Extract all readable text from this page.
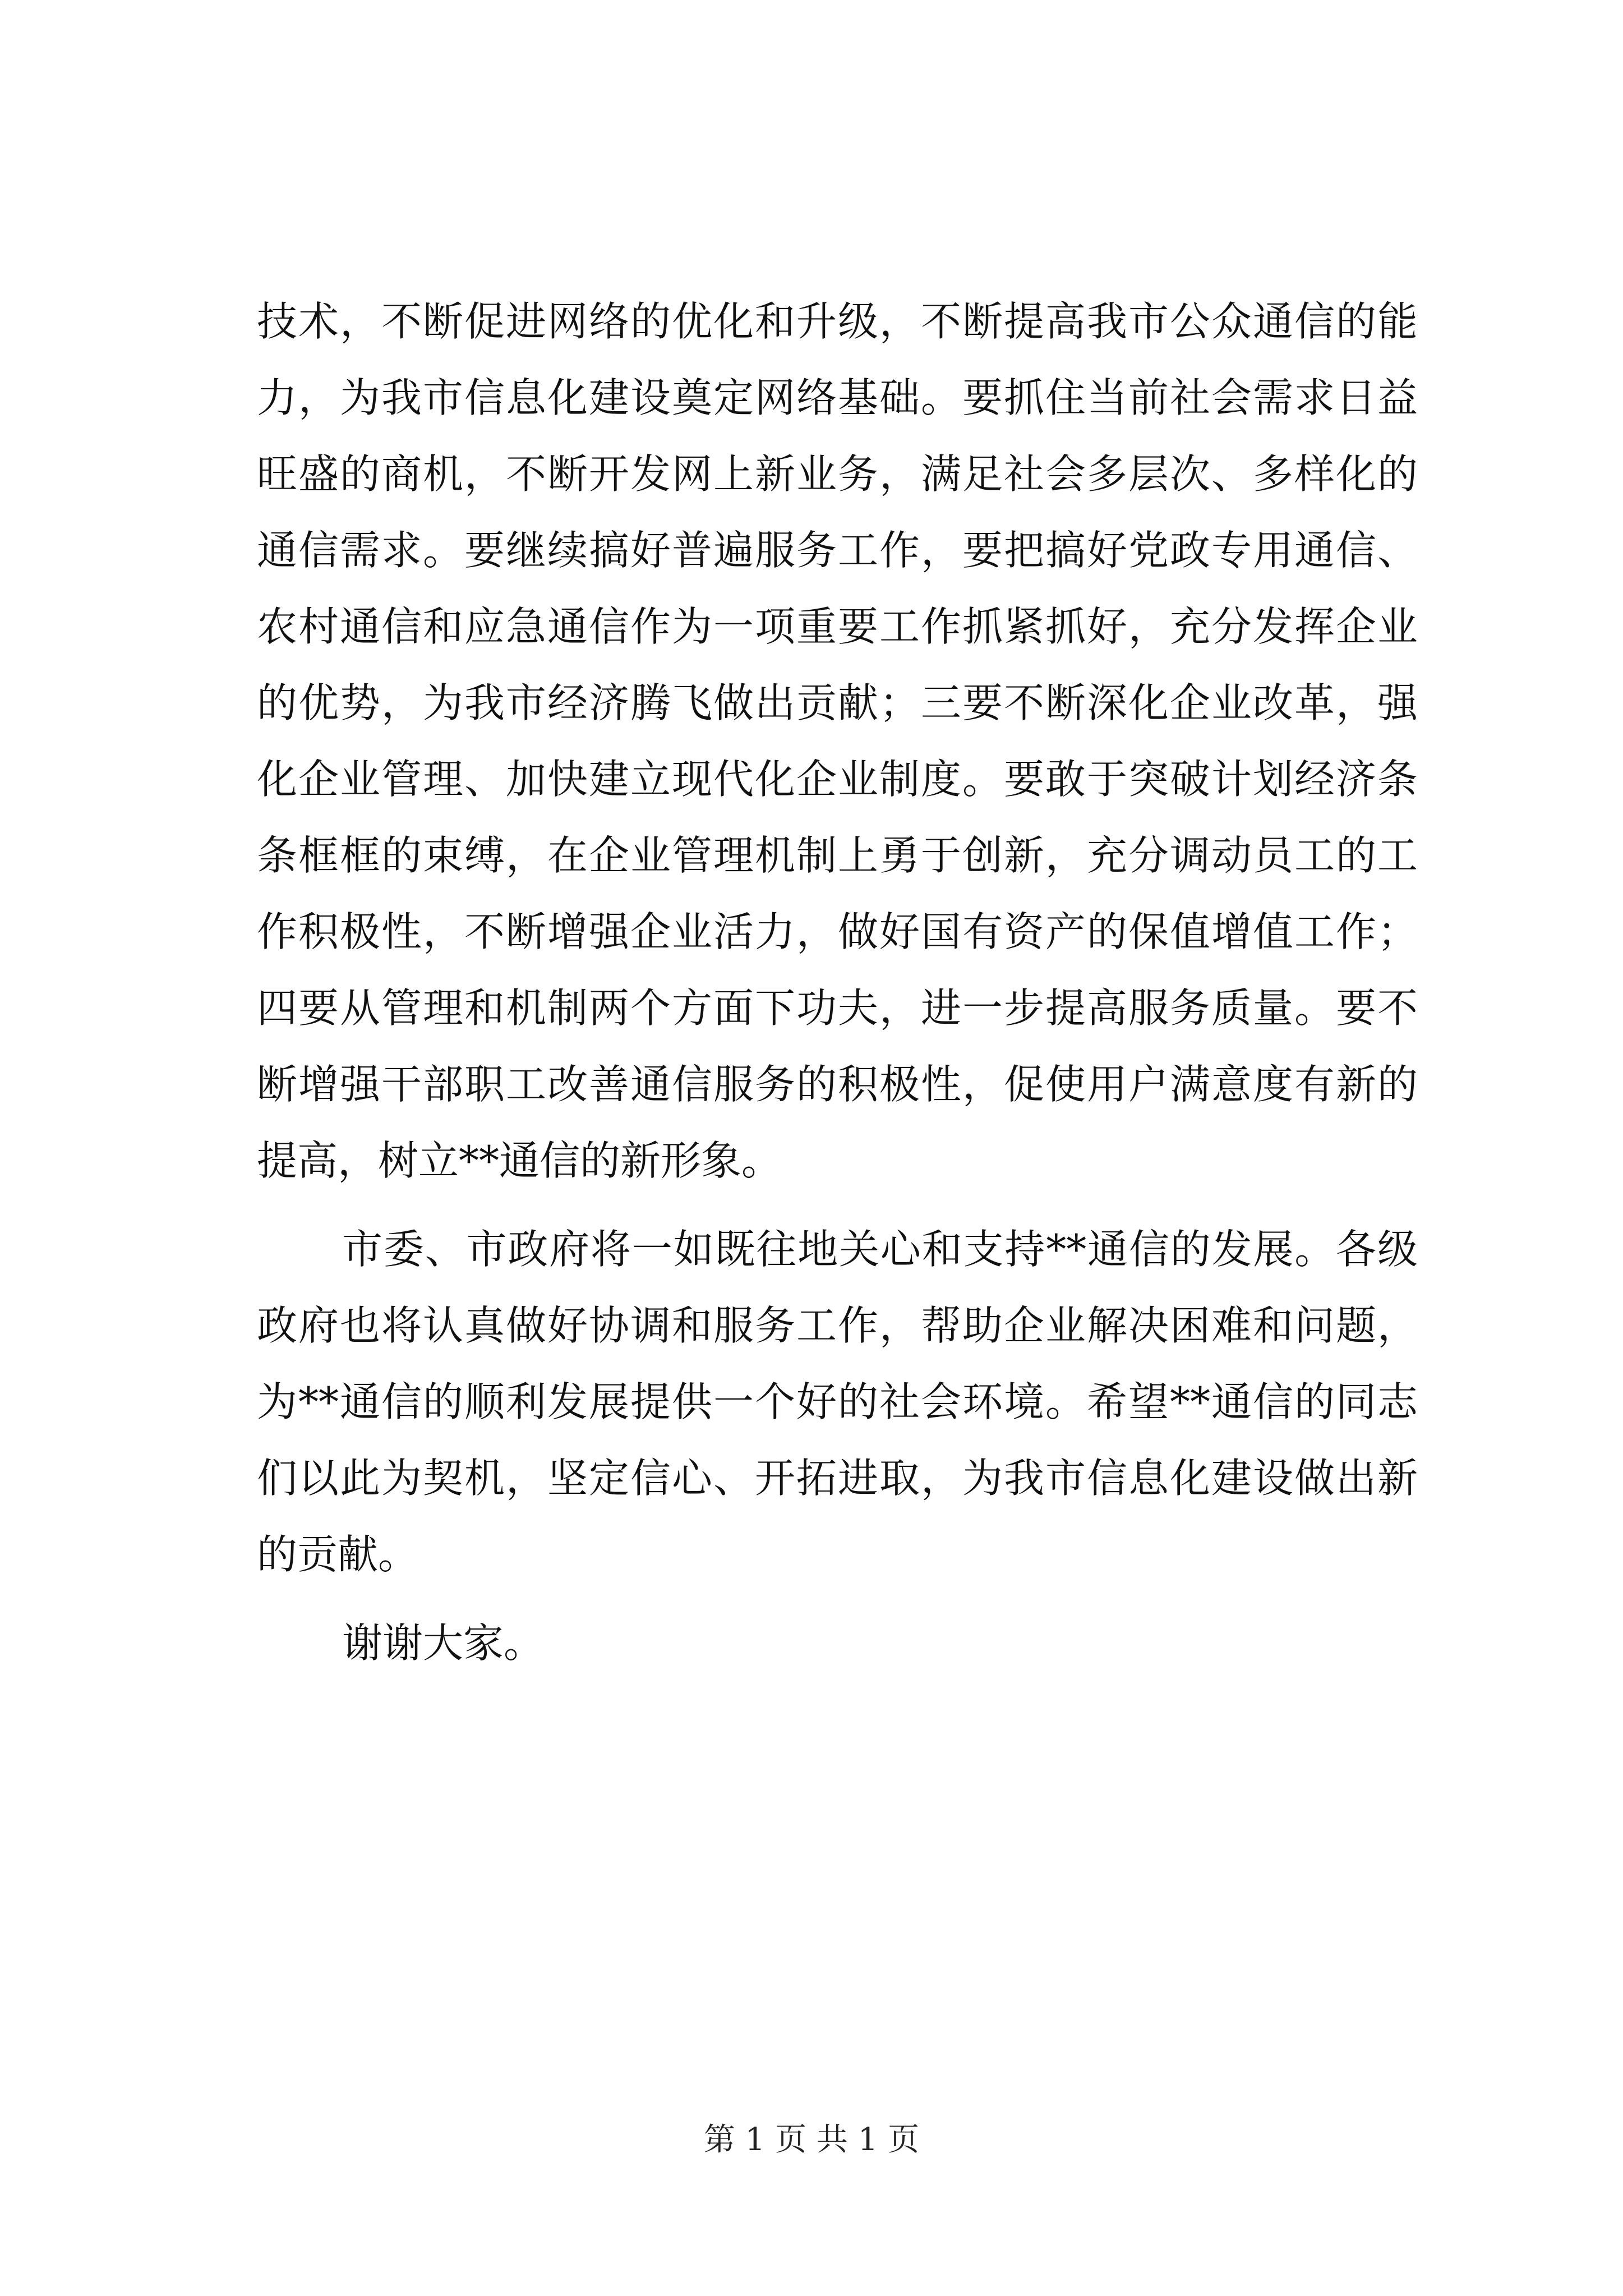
技术，不断促进网络的优化和升级，不断提高我市公众通信的能
力，为我市信息化建设奠定网络基础。要抓住当前社会需求日益
旺盛的商机，不断开发网上新业务，满足社会多层次、多样化的
通信需求。要继续搞好普遍服务工作，要把搞好党政专用通信、
农村通信和应急通信作为一项重要工作抓紧抓好，充分发挥企业
的优势，为我市经济腾飞做出贡献；三要不断深化企业改革，强
化企业管理、加快建立现代化企业制度。要敢于突破计划经济条
条框框的束缚，在企业管理机制上勇于创新，充分调动员工的工
作积极性，不断增强企业活力，做好国有资产的保值增值工作；
四要从管理和机制两个方面下功夫，进一步提高服务质量。要不
断增强干部职工改善通信服务的积极性，促使用户满意度有新的
提高，树立**通信的新形象。
市委、市政府将一如既往地关心和支持**通信的发展。各级
政府也将认真做好协调和服务工作，帮助企业解决困难和问题，
为**通信的顺利发展提供一个好的社会环境。希望**通信的同志
们以此为契机，坚定信心、开拓进取，为我市信息化建设做出新
的贡献。
谢谢大家。
第 1 页 共 1 页
